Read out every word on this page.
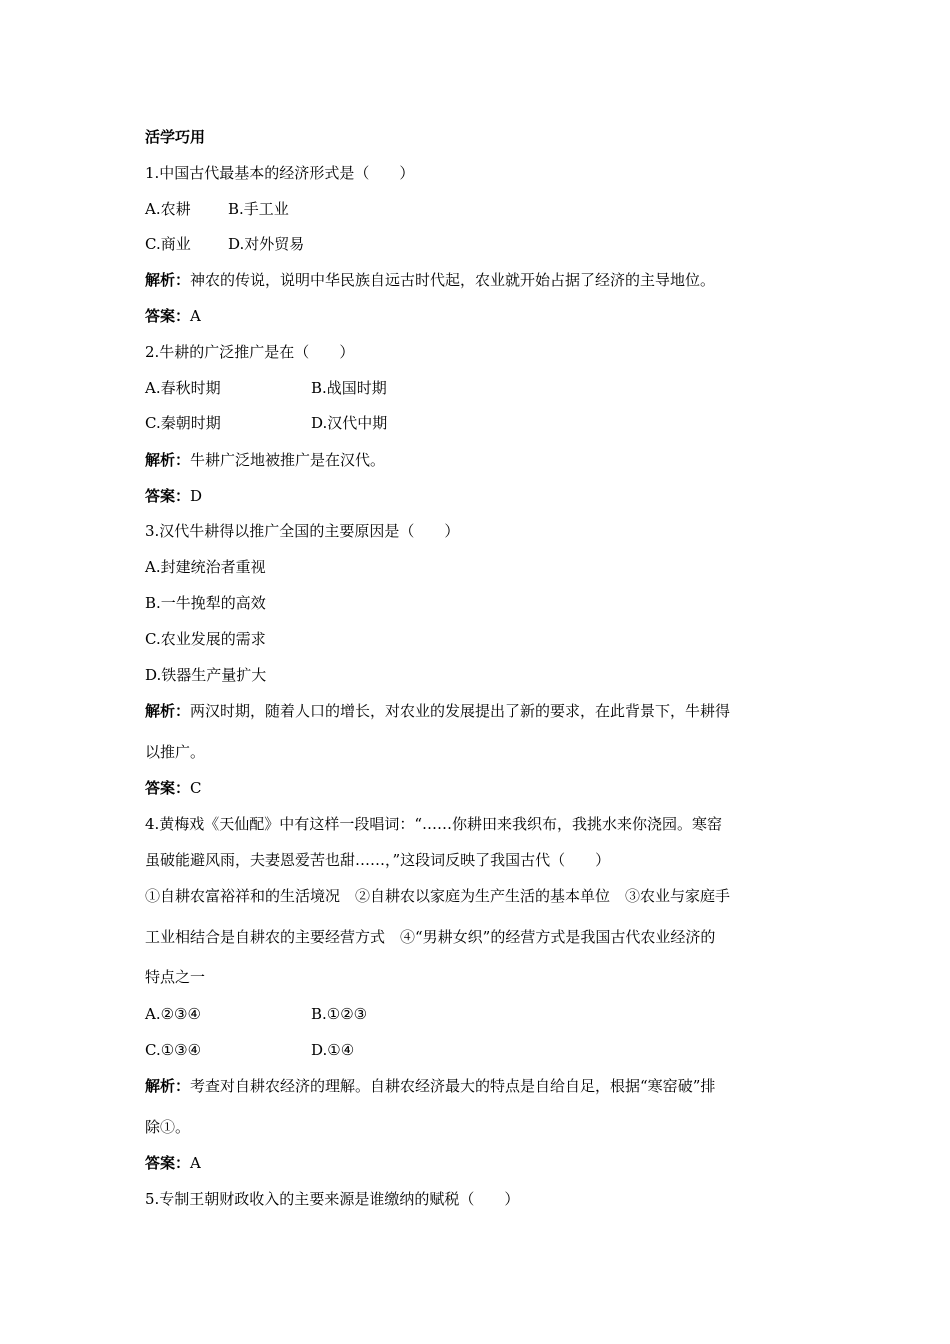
活学巧用
1.中国古代最基本的经济形式是（　　）
A.农耕 B.手工业
C.商业 D.对外贸易
解析：神农的传说，说明中华民族自远古时代起，农业就开始占据了经济的主导地位。
答案：A
2.牛耕的广泛推广是在（　　）
A.春秋时期	B.战国时期
C.秦朝时期	D.汉代中期
解析：牛耕广泛地被推广是在汉代。
答案：D
3.汉代牛耕得以推广全国的主要原因是（　　）
A.封建统治者重视
B.一牛挽犁的高效
C.农业发展的需求
D.铁器生产量扩大
解析：两汉时期，随着人口的增长，对农业的发展提出了新的要求，在此背景下，牛耕得
以推广。
答案：C
4.黄梅戏《天仙配》中有这样一段唱词：“……你耕田来我织布，我挑水来你浇园。寒窑
虽破能避风雨，夫妻恩爱苦也甜……，”这段词反映了我国古代（　　）
①自耕农富裕祥和的生活境况　②自耕农以家庭为生产生活的基本单位　③农业与家庭手
工业相结合是自耕农的主要经营方式　④“男耕女织”的经营方式是我国古代农业经济的
特点之一
A.②③④	B.①②③
C.①③④	D.①④
解析：考查对自耕农经济的理解。自耕农经济最大的特点是自给自足，根据“寒窑破”排
除①。
答案：A
5.专制王朝财政收入的主要来源是谁缴纳的赋税（　　）
